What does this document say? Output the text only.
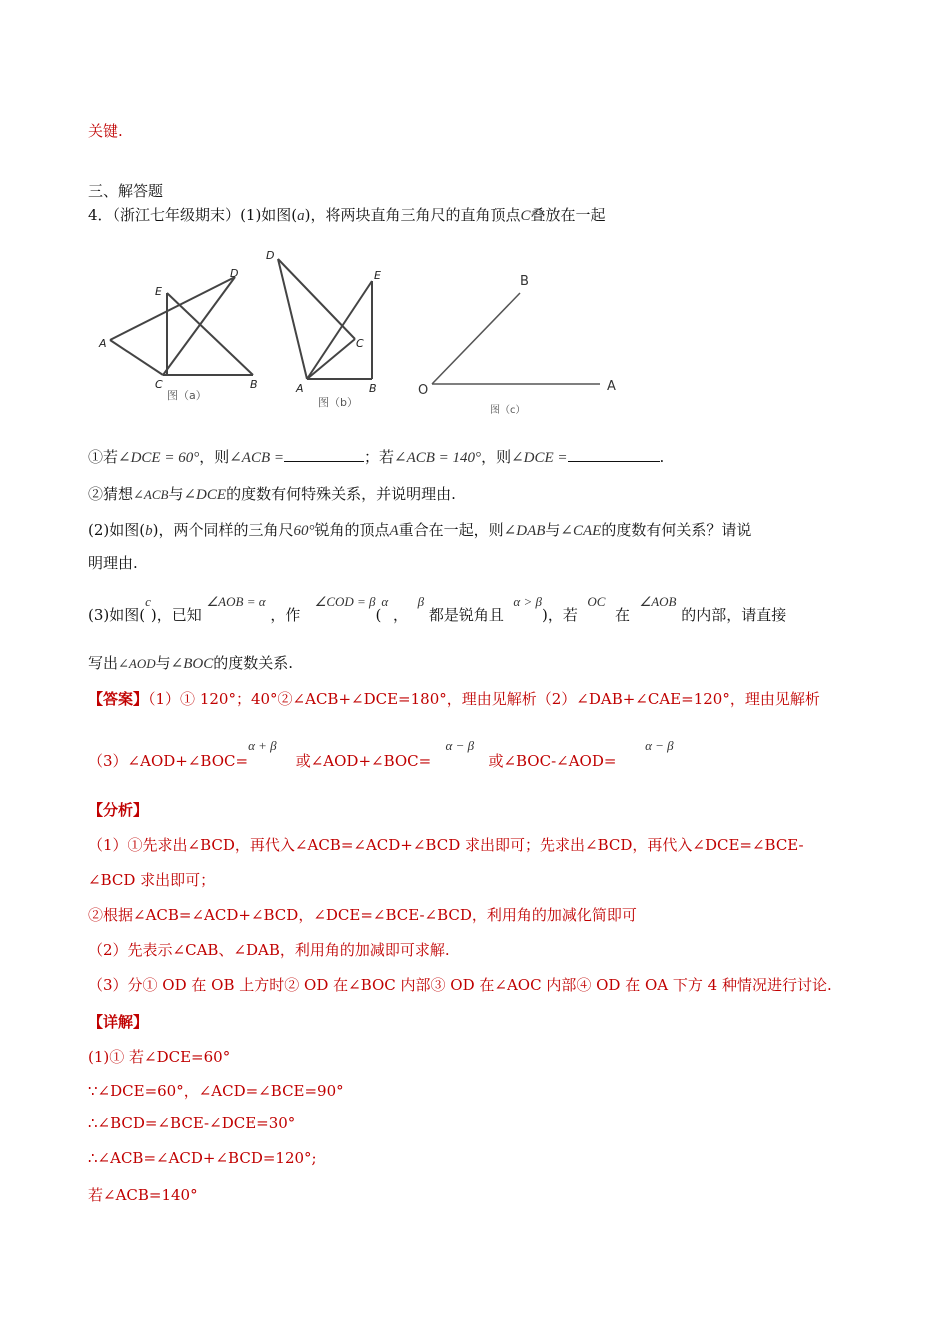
关键.
三、解答题
4．（浙江七年级期末）(1)如图(a)，将两块直角三角尺的直角顶点C叠放在一起
A
B
C
D
E
图（a）
A	B
C
D
E
图（b）
O	A
B
图（c）
①若∠DCE = 60°，则∠ACB =	；若∠ACB = 140°，则∠DCE =	.
②猜想∠ACB与∠DCE的度数有何特殊关系，并说明理由.
(2)如图(b)，两个同样的三角尺60°锐角的顶点A重合在一起，则∠DAB与∠CAE的度数有何关系？请说
明理由.
(3)如图(c)，已知 ∠AOB = α ，作   ∠COD = β(α ，  β 都是锐角且  α > β)，若  OC  在  ∠AOB 的内部，请直接
写出∠AOD与∠BOC的度数关系.
【答案】（1）① 120°；40°②∠ACB+∠DCE=180°，理由见解析（2）∠DAB+∠CAE=120°，理由见解析
（3）∠AOD+∠BOC=α + β    或∠AOD+∠BOC=   α − β   或∠BOC-∠AOD=      α − β
【分析】
（1）①先求出∠BCD，再代入∠ACB=∠ACD+∠BCD 求出即可；先求出∠BCD，再代入∠DCE=∠BCE-
∠BCD 求出即可；
②根据∠ACB=∠ACD+∠BCD，∠DCE=∠BCE-∠BCD，利用角的加减化简即可
（2）先表示∠CAB、∠DAB，利用角的加减即可求解.
（3）分① OD 在 OB 上方时② OD 在∠BOC 内部③ OD 在∠AOC 内部④ OD 在 OA 下方 4 种情况进行讨论.
【详解】
(1)① 若∠DCE=60°
∵∠DCE=60°，∠ACD=∠BCE=90°
∴∠BCD=∠BCE-∠DCE=30°
∴∠ACB=∠ACD+∠BCD=120°;
若∠ACB=140°
